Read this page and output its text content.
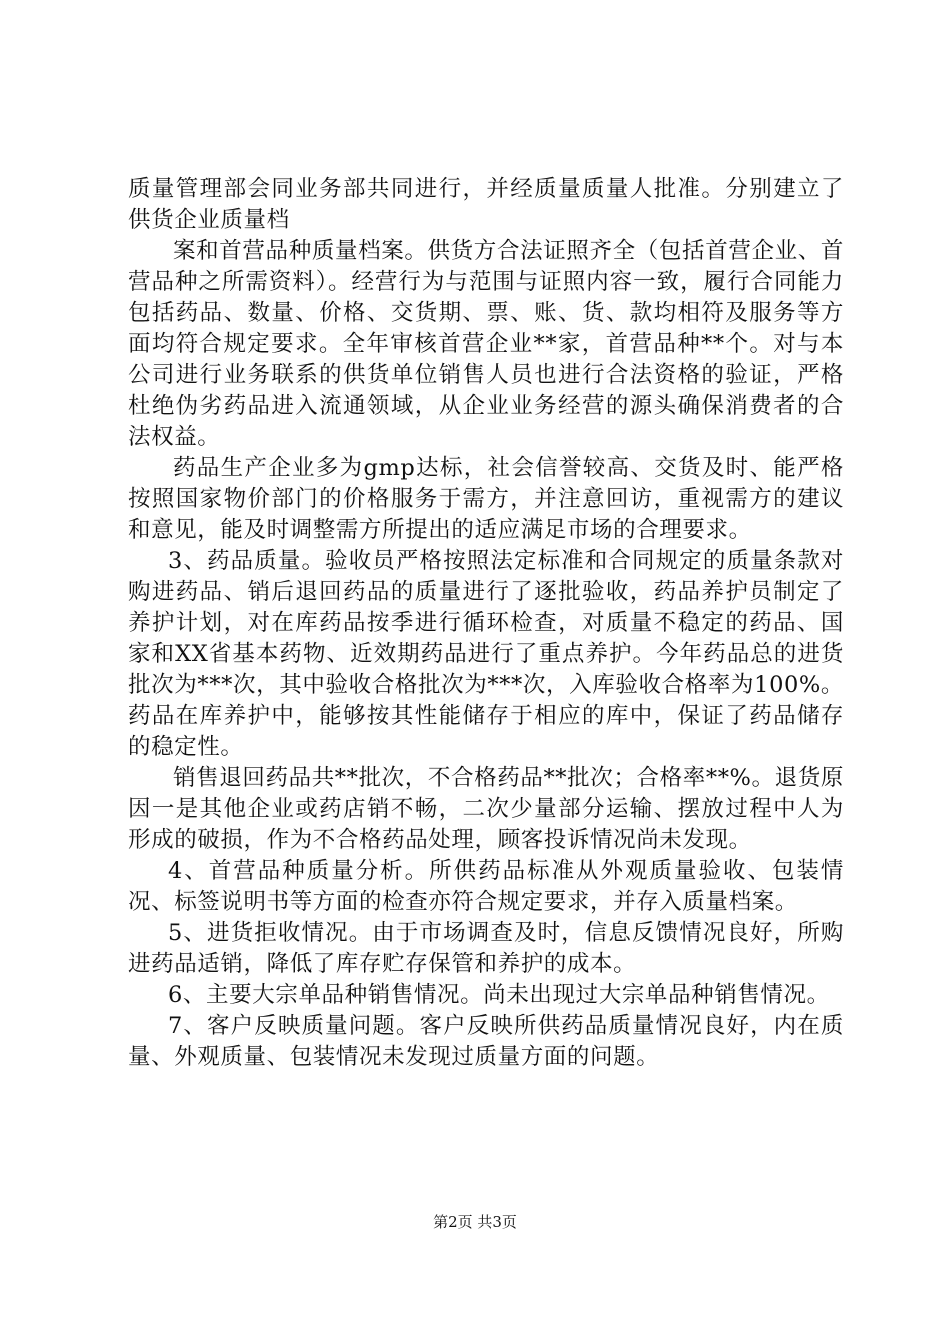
质量管理部会同业务部共同进行，并经质量质量人批准。分别建立了供货企业质量档

案和首营品种质量档案。供货方合法证照齐全（包括首营企业、首营品种之所需资料）。经营行为与范围与证照内容一致，履行合同能力包括药品、数量、价格、交货期、票、账、货、款均相符及服务等方面均符合规定要求。全年审核首营企业**家，首营品种**个。对与本公司进行业务联系的供货单位销售人员也进行合法资格的验证，严格杜绝伪劣药品进入流通领域，从企业业务经营的源头确保消费者的合法权益。

药品生产企业多为gmp达标，社会信誉较高、交货及时、能严格按照国家物价部门的价格服务于需方，并注意回访，重视需方的建议和意见，能及时调整需方所提出的适应满足市场的合理要求。

3、药品质量。验收员严格按照法定标准和合同规定的质量条款对购进药品、销后退回药品的质量进行了逐批验收，药品养护员制定了养护计划，对在库药品按季进行循环检查，对质量不稳定的药品、国家和XX省基本药物、近效期药品进行了重点养护。今年药品总的进货批次为***次，其中验收合格批次为***次，入库验收合格率为100%。药品在库养护中，能够按其性能储存于相应的库中，保证了药品储存的稳定性。

销售退回药品共**批次，不合格药品**批次；合格率**%。退货原因一是其他企业或药店销不畅，二次少量部分运输、摆放过程中人为形成的破损，作为不合格药品处理，顾客投诉情况尚未发现。

4、首营品种质量分析。所供药品标准从外观质量验收、包装情况、标签说明书等方面的检查亦符合规定要求，并存入质量档案。

5、进货拒收情况。由于市场调查及时，信息反馈情况良好，所购进药品适销，降低了库存贮存保管和养护的成本。

6、主要大宗单品种销售情况。尚未出现过大宗单品种销售情况。

7、客户反映质量问题。客户反映所供药品质量情况良好，内在质量、外观质量、包装情况未发现过质量方面的问题。

第2页 共3页
